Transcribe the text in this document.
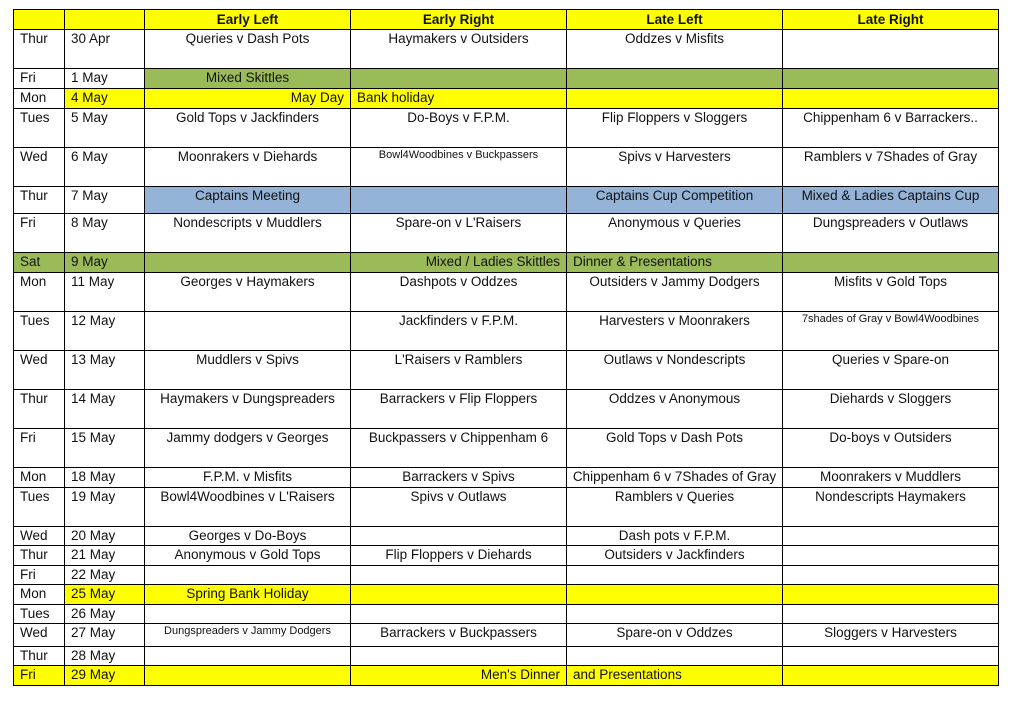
		Early Left	Early Right	Late Left	Late Right
Thur	30 Apr	Queries v Dash Pots	Haymakers v Outsiders	Oddzes v Misfits	
Fri	1 May	Mixed Skittles			
Mon	4 May	May Day	Bank holiday		
Tues	5 May	Gold Tops v Jackfinders	Do-Boys v F.P.M.	Flip Floppers v Sloggers	Chippenham 6 v Barrackers..
Wed	6 May	Moonrakers v Diehards	Bowl4Woodbines v Buckpassers	Spivs v Harvesters	Ramblers v 7Shades of Gray
Thur	7 May	Captains Meeting		Captains Cup Competition	Mixed & Ladies Captains Cup
Fri	8 May	Nondescripts v Muddlers	Spare-on v L'Raisers	Anonymous v Queries	Dungspreaders v Outlaws
Sat	9 May		Mixed / Ladies Skittles	Dinner & Presentations	
Mon	11 May	Georges v Haymakers	Dashpots v Oddzes	Outsiders v Jammy Dodgers	Misfits v Gold Tops
Tues	12 May		Jackfinders v F.P.M.	Harvesters v Moonrakers	7shades of Gray v Bowl4Woodbines
Wed	13 May	Muddlers v Spivs	L'Raisers v Ramblers	Outlaws v Nondescripts	Queries v Spare-on
Thur	14 May	Haymakers v Dungspreaders	Barrackers v Flip Floppers	Oddzes v Anonymous	Diehards v Sloggers
Fri	15 May	Jammy dodgers v Georges	Buckpassers v Chippenham 6	Gold Tops v Dash Pots	Do-boys v Outsiders
Mon	18 May	F.P.M. v Misfits	Barrackers v Spivs	Chippenham 6 v 7Shades of Gray	Moonrakers v Muddlers
Tues	19 May	Bowl4Woodbines v L'Raisers	Spivs v Outlaws	Ramblers v Queries	Nondescripts Haymakers
Wed	20 May	Georges v Do-Boys		Dash pots v F.P.M.	
Thur	21 May	Anonymous v Gold Tops	Flip Floppers v Diehards	Outsiders v Jackfinders	
Fri	22 May				
Mon	25 May	Spring Bank Holiday			
Tues	26 May				
Wed	27 May	Dungspreaders v Jammy Dodgers	Barrackers v Buckpassers	Spare-on v Oddzes	Sloggers v Harvesters
Thur	28 May				
Fri	29 May		Men's Dinner	and Presentations	
